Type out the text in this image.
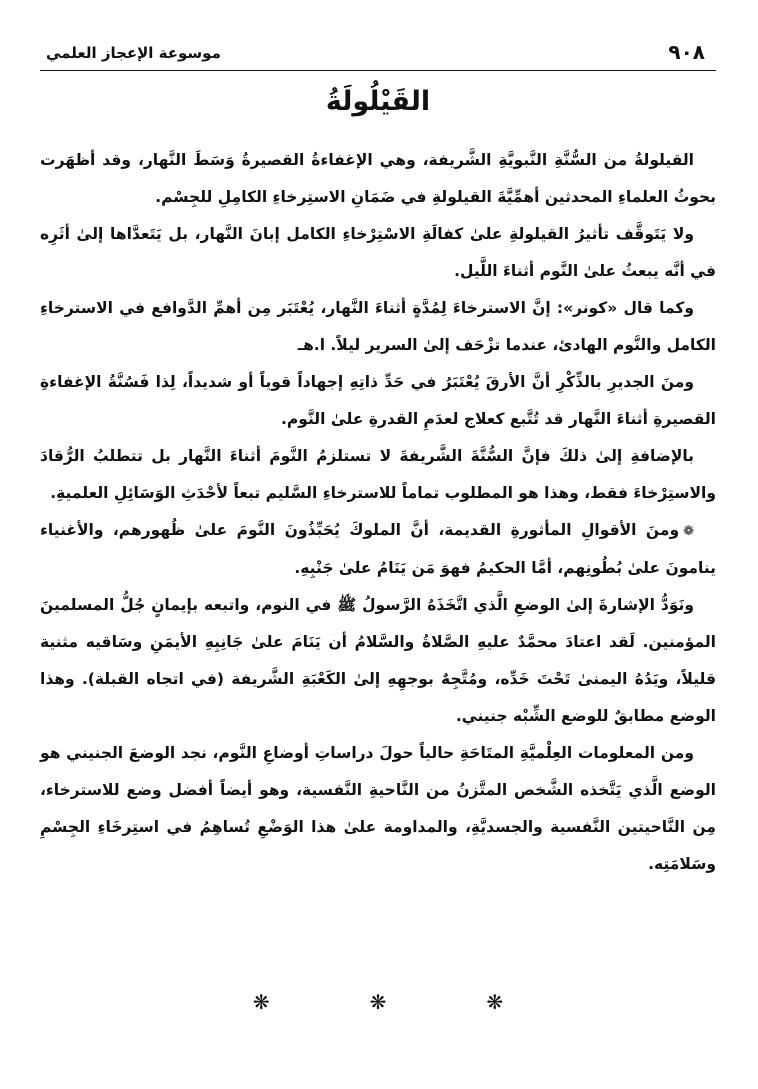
٩٠٨
موسوعة الإعجاز العلمي
القَيْلُولَةُ

القيلولةُ من السُّنَّةِ النَّبويَّةِ الشَّريفة، وهي الإغفاءةُ القصيرةُ وَسَطَ النَّهار، وقد أظهَرت بحوثُ العلماءِ المحدثين أهمِّيَّةَ القيلولةِ في ضَمَانِ الاستِرخاءِ الكامِلِ للجِسْم.

ولا يَتَوقَّف تأثيرُ القيلولةِ علىٰ كفالَةِ الاسْتِرْخاءِ الكامل إبانَ النَّهار، بل يَتَعدَّاها إلىٰ أثَرِه في أنَّه يبعثُ علىٰ النَّوم أثناءَ اللَّيل.

وكما قال «كونر»: إنَّ الاسترخاءَ لِمُدَّةٍ أثناءَ النَّهار، يُعْتَبَر مِن أهمِّ الدَّوافع في الاسترخاءِ الكامل والنَّوم الهادئ، عندما تزْحَف إلىٰ السرير ليلاً. ا.هـ

ومنَ الجديرِ بالذِّكْرِ أنَّ الأرقَ يُعْتَبَرُ في حَدِّ ذاتِهِ إجهاداً قوياً أو شديداً، لِذا فَسُنَّةُ الإغفاءةِ القصيرةِ أثناءَ النَّهار قد تُتَّبع كعلاج لعدَمِ القدرةِ علىٰ النَّوم.

بالإضافةِ إلىٰ ذلكَ فإنَّ السُّنَّةَ الشَّريفةَ لا تستلزمُ النَّومَ أثناءَ النَّهار بل تتطلبُ الرُّقادَ والاستِرْخاءَ فقط، وهذا هو المطلوب تماماً للاسترخاءِ السَّليم تبعاً لأحْدَثِ الوَسَائِلِ العلميةِ.

❁ومنَ الأقوالِ المأثورةِ القديمة، أنَّ الملوكَ يُحَبِّذُونَ النَّومَ علىٰ ظُهورهم، والأغنياء ينامونَ علىٰ بُطُونِهم، أمَّا الحكيمُ فهوَ مَن يَنَامُ علىٰ جَنْبِهِ.

ونَوَدُّ الإشارةَ إلىٰ الوضعِ الَّذي اتَّخَذَهُ الرَّسولُ ﷺ في النوم، واتبعه بإيمانٍ جُلُّ المسلمينَ المؤمنين. لَقد اعتادَ محمَّدٌ عليهِ الصَّلاةُ والسَّلامُ أن يَنَامَ علىٰ جَانِبِهِ الأيمَنِ وسَاقيه مثنية قليلاً، ويَدُهُ اليمنىٰ تَحْتَ خَدِّه، ومُتَّجِهٌ بوجهِهِ إلىٰ الكَعْبَةِ الشَّريفة (في اتجاه القبلة). وهذا الوضع مطابقٌ للوضع الشِّبْه جنيني.

ومن المعلومات العِلْميَّةِ المتَاحَةِ حالياً حولَ دراساتِ أوضاعِ النَّوم، نجد الوضعَ الجنيني هو الوضع الَّذي يَتَّخذه الشَّخص المتَّزنُ من النَّاحيةِ النَّفسية، وهو أيضاً أفضل وضع للاسترخاء، مِن النَّاحيتين النَّفسية والجسديَّةِ، والمداومة علىٰ هذا الوَضْعِ تُساهِمُ في استِرخَاءِ الجِسْمِ وسَلامَتِه.

❋	❋	❋
